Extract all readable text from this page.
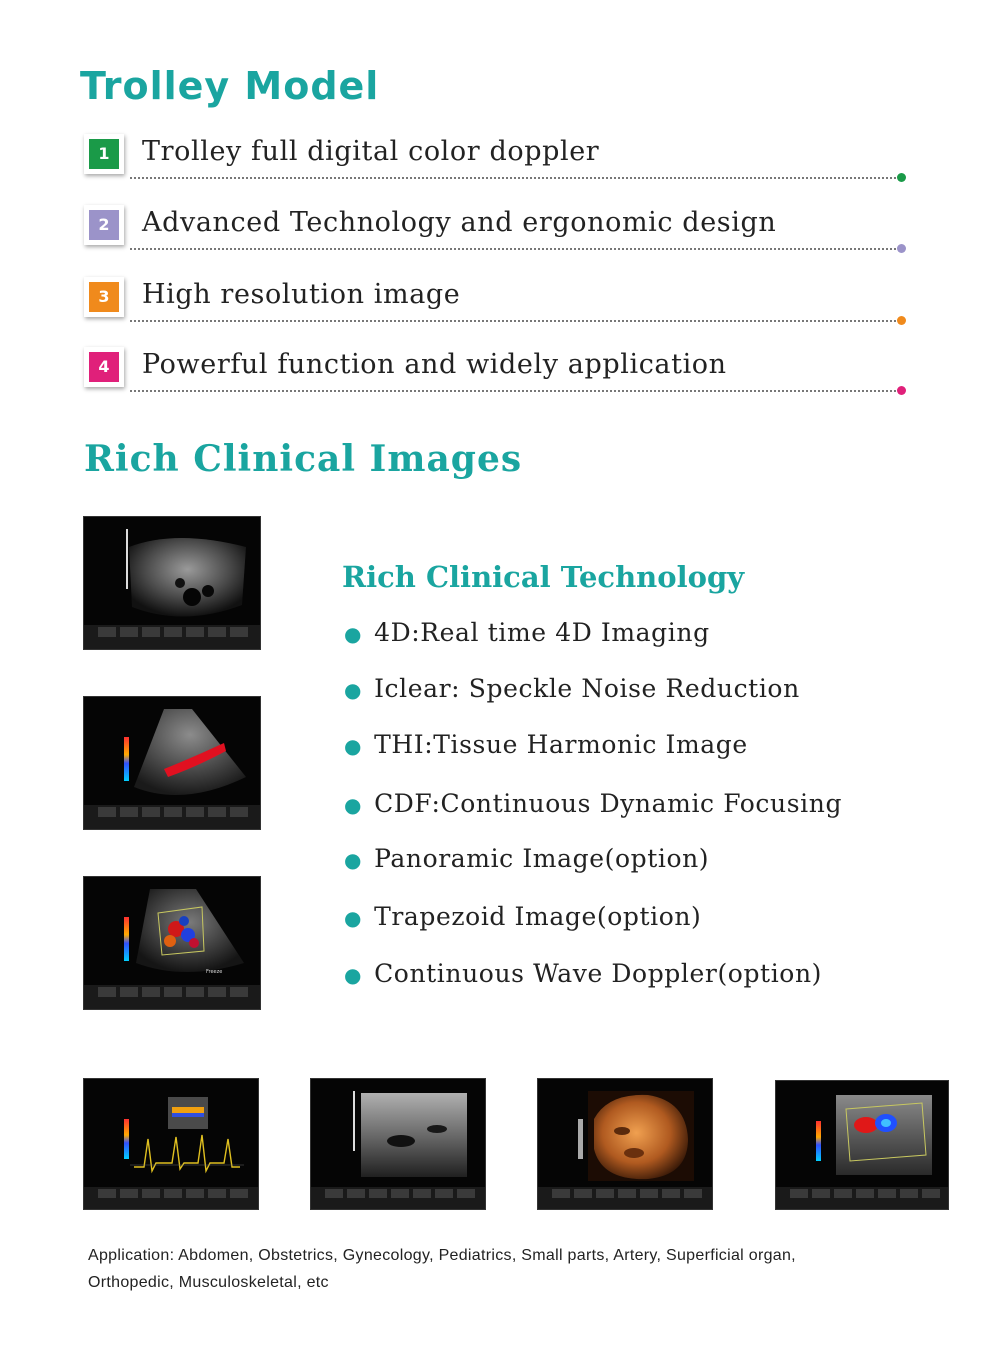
Trolley Model
1	Trolley full digital color doppler
2	Advanced Technology and ergonomic design
3	High resolution image
4	Powerful function and widely application
Rich Clinical Images
Freeze
Rich Clinical Technology
● 4D:Real time 4D Imaging
● Iclear: Speckle Noise Reduction
● THI:Tissue Harmonic Image
● CDF:Continuous Dynamic Focusing
● Panoramic Image(option)
● Trapezoid Image(option)
● Continuous Wave Doppler(option)
Application: Abdomen, Obstetrics, Gynecology, Pediatrics, Small parts, Artery, Superficial organ, Orthopedic, Musculoskeletal, etc
